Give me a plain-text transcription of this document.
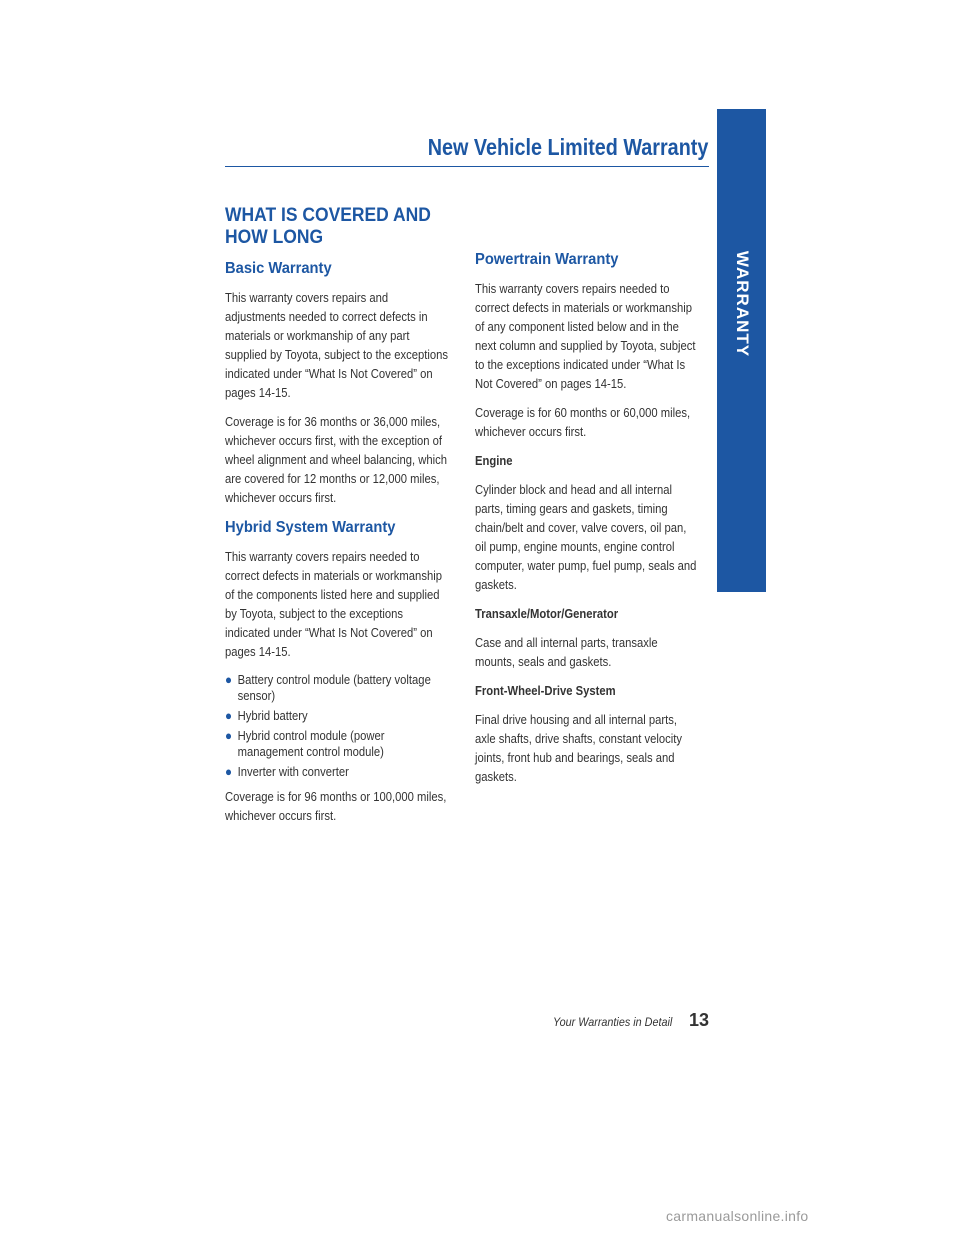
WARRANTY
New Vehicle Limited Warranty
WHAT IS COVERED AND HOW LONG
Basic Warranty

This warranty covers repairs and adjustments needed to correct defects in materials or workmanship of any part supplied by Toyota, subject to the exceptions indicated under “What Is Not Covered” on pages 14-15.

Coverage is for 36 months or 36,000 miles, whichever occurs first, with the exception of wheel alignment and wheel balancing, which are covered for 12 months or 12,000 miles, whichever occurs first.

Hybrid System Warranty

This warranty covers repairs needed to correct defects in materials or workmanship of the components listed here and supplied by Toyota, subject to the exceptions indicated under “What Is Not Covered” on pages 14-15.

● Battery control module (battery voltage sensor)
● Hybrid battery
● Hybrid control module (power management control module)
● Inverter with converter

Coverage is for 96 months or 100,000 miles, whichever occurs first.

Powertrain Warranty

This warranty covers repairs needed to correct defects in materials or workmanship of any component listed below and in the next column and supplied by Toyota, subject to the exceptions indicated under “What Is Not Covered” on pages 14-15.

Coverage is for 60 months or 60,000 miles, whichever occurs first.

Engine

Cylinder block and head and all internal parts, timing gears and gaskets, timing chain/belt and cover, valve covers, oil pan, oil pump, engine mounts, engine control computer, water pump, fuel pump, seals and gaskets.

Transaxle/Motor/Generator

Case and all internal parts, transaxle mounts, seals and gaskets.

Front-Wheel-Drive System

Final drive housing and all internal parts, axle shafts, drive shafts, constant velocity joints, front hub and bearings, seals and gaskets.

Your Warranties in Detail 13
carmanualsonline.info
